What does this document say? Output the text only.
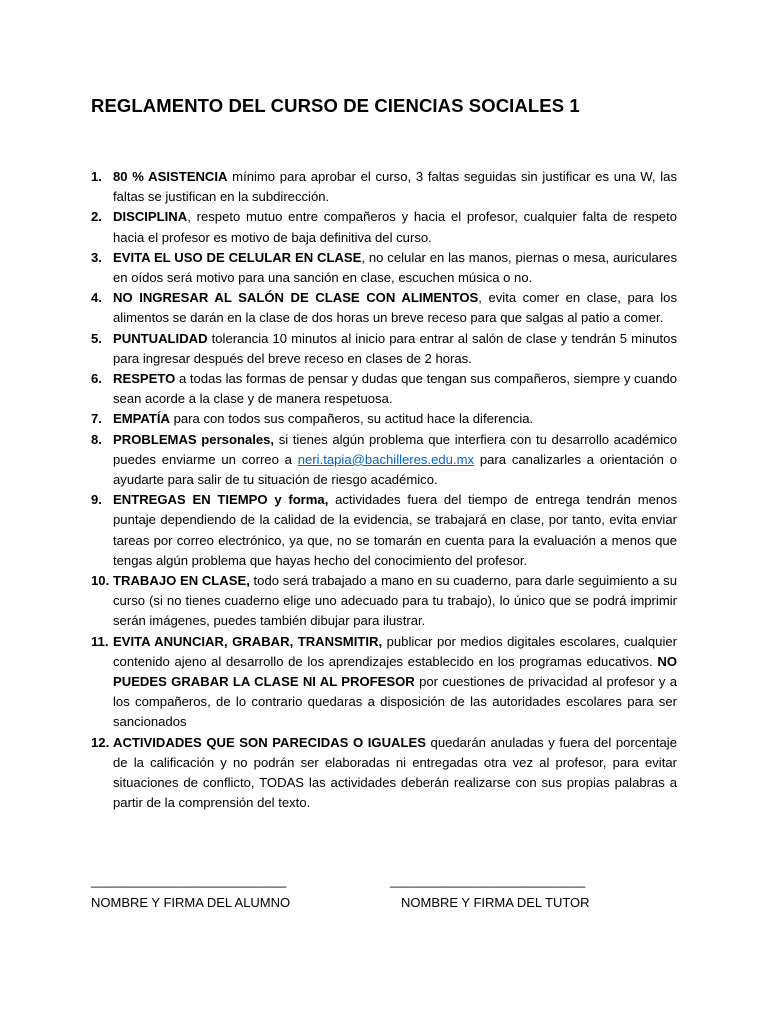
REGLAMENTO DEL CURSO DE CIENCIAS SOCIALES 1
1. 80 % ASISTENCIA mínimo para aprobar el curso, 3 faltas seguidas sin justificar es una W, las faltas se justifican en la subdirección.
2. DISCIPLINA, respeto mutuo entre compañeros y hacia el profesor, cualquier falta de respeto hacia el profesor es motivo de baja definitiva del curso.
3. EVITA EL USO DE CELULAR EN CLASE, no celular en las manos, piernas o mesa, auriculares en oídos será motivo para una sanción en clase, escuchen música o no.
4. NO INGRESAR AL SALÓN DE CLASE CON ALIMENTOS, evita comer en clase, para los alimentos se darán en la clase de dos horas un breve receso para que salgas al patio a comer.
5. PUNTUALIDAD tolerancia 10 minutos al inicio para entrar al salón de clase y tendrán 5 minutos para ingresar después del breve receso en clases de 2 horas.
6. RESPETO a todas las formas de pensar y dudas que tengan sus compañeros, siempre y cuando sean acorde a la clase y de manera respetuosa.
7. EMPATÍA para con todos sus compañeros, su actitud hace la diferencia.
8. PROBLEMAS personales, si tienes algún problema que interfiera con tu desarrollo académico puedes enviarme un correo a neri.tapia@bachilleres.edu.mx para canalizarles a orientación o ayudarte para salir de tu situación de riesgo académico.
9. ENTREGAS EN TIEMPO y forma, actividades fuera del tiempo de entrega tendrán menos puntaje dependiendo de la calidad de la evidencia, se trabajará en clase, por tanto, evita enviar tareas por correo electrónico, ya que, no se tomarán en cuenta para la evaluación a menos que tengas algún problema que hayas hecho del conocimiento del profesor.
10. TRABAJO EN CLASE, todo será trabajado a mano en su cuaderno, para darle seguimiento a su curso (si no tienes cuaderno elige uno adecuado para tu trabajo), lo único que se podrá imprimir serán imágenes, puedes también dibujar para ilustrar.
11. EVITA ANUNCIAR, GRABAR, TRANSMITIR, publicar por medios digitales escolares, cualquier contenido ajeno al desarrollo de los aprendizajes establecido en los programas educativos. NO PUEDES GRABAR LA CLASE NI AL PROFESOR por cuestiones de privacidad al profesor y a los compañeros, de lo contrario quedaras a disposición de las autoridades escolares para ser sancionados
12. ACTIVIDADES QUE SON PARECIDAS O IGUALES quedarán anuladas y fuera del porcentaje de la calificación y no podrán ser elaboradas ni entregadas otra vez al profesor, para evitar situaciones de conflicto, TODAS las actividades deberán realizarse con sus propias palabras a partir de la comprensión del texto.
___________________________
NOMBRE Y FIRMA DEL ALUMNO
___________________________
NOMBRE Y FIRMA DEL TUTOR
